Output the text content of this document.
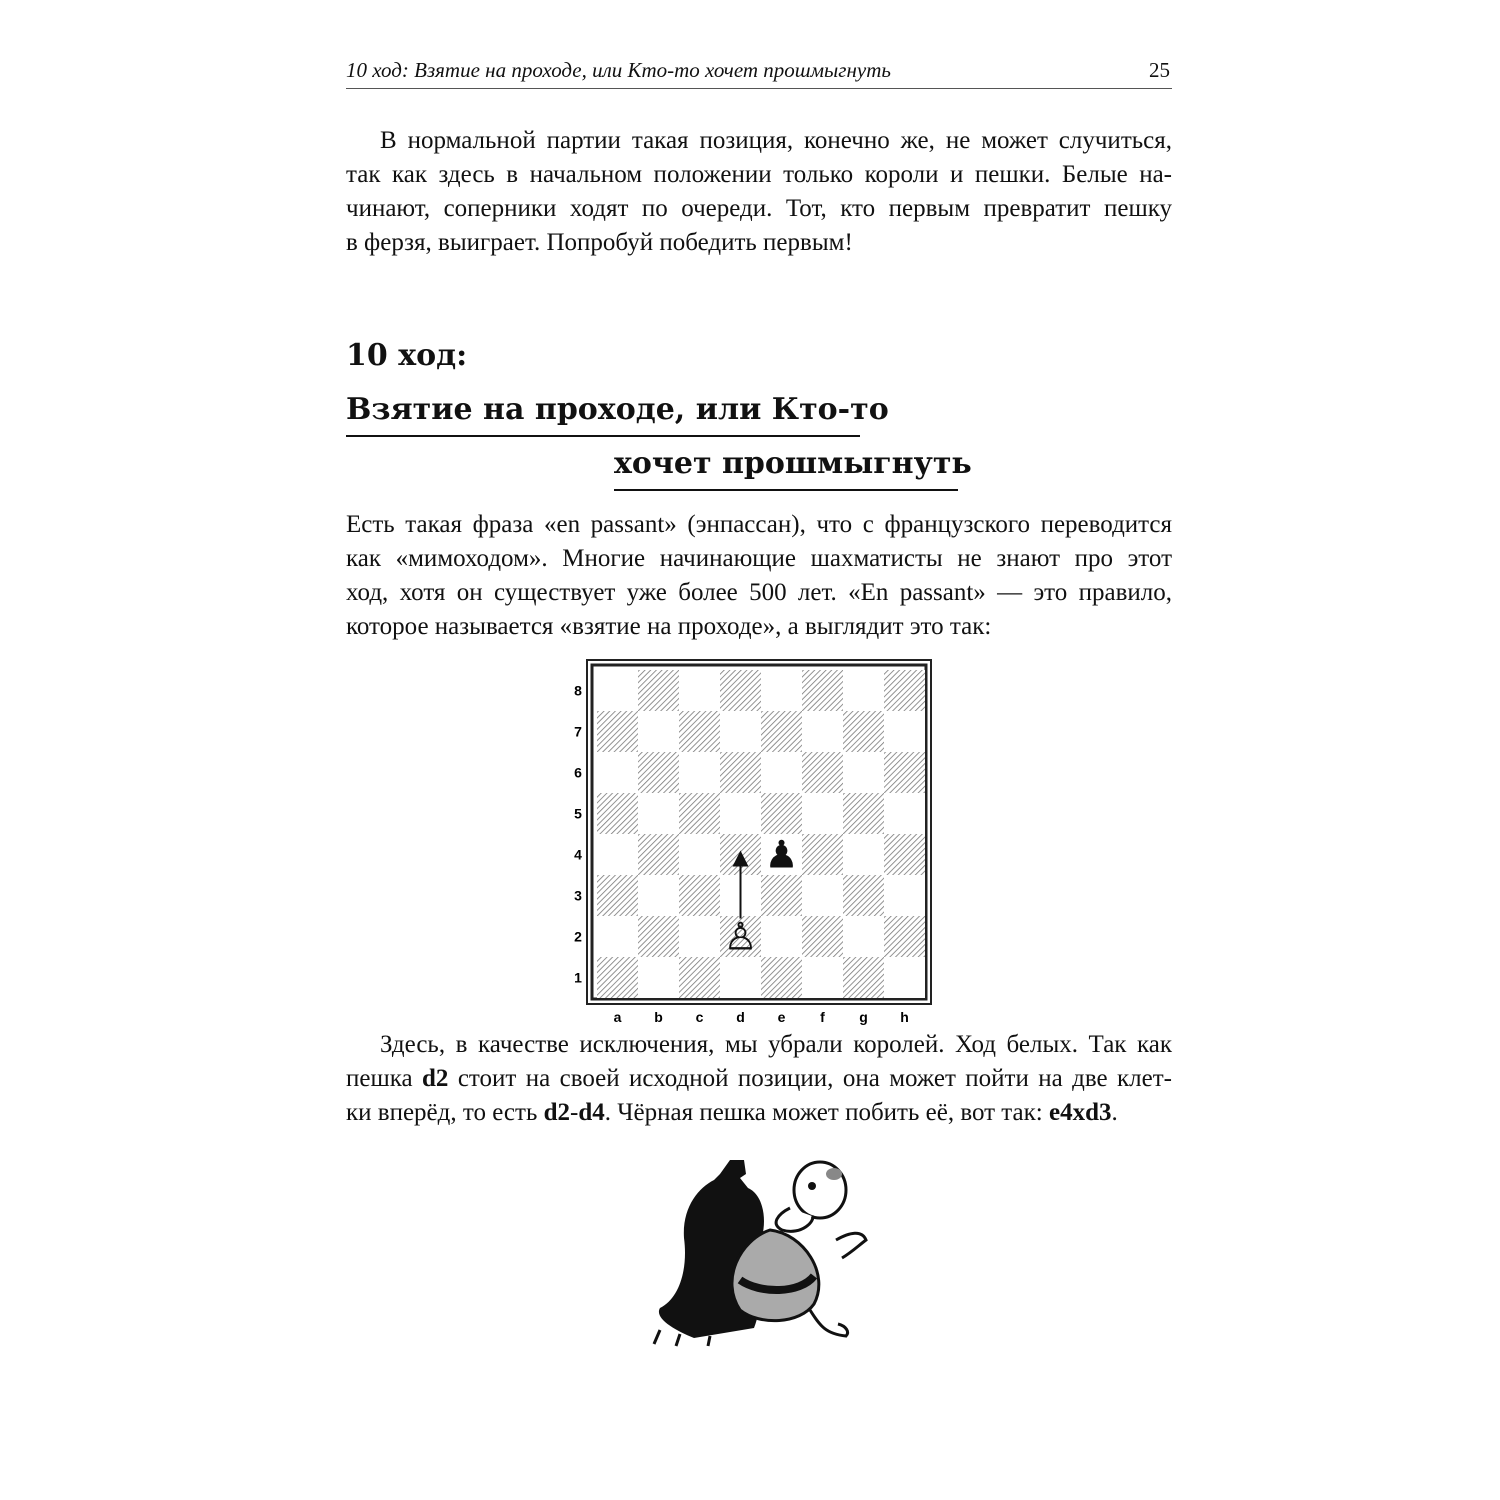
10 ход: Взятие на проходе, или Кто-то хочет прошмыгнуть	25

В нормальной партии такая позиция, конечно же, не может случиться,
так как здесь в начальном положении только короли и пешки. Белые на-
чинают, соперники ходят по очереди. Тот, кто первым превратит пешку
в ферзя, выиграет. Попробуй победить первым!

10 ход:
Взятие на проходе, или Кто-то
хочет прошмыгнуть

Есть такая фраза «en passant» (энпассан), что с французского переводится
как «мимоходом». Многие начинающие шахматисты не знают про этот
ход, хотя он существует уже более 500 лет. «En passant» — это правило,
которое называется «взятие на проходе», а выглядит это так:

8
7
6
5
4
3
2
1
a b c d e f g h
♙
♟

Здесь, в качестве исключения, мы убрали королей. Ход белых. Так как
пешка d2 стоит на своей исходной позиции, она может пойти на две клет-
ки вперёд, то есть d2-d4. Чёрная пешка может побить её, вот так: e4xd3.
